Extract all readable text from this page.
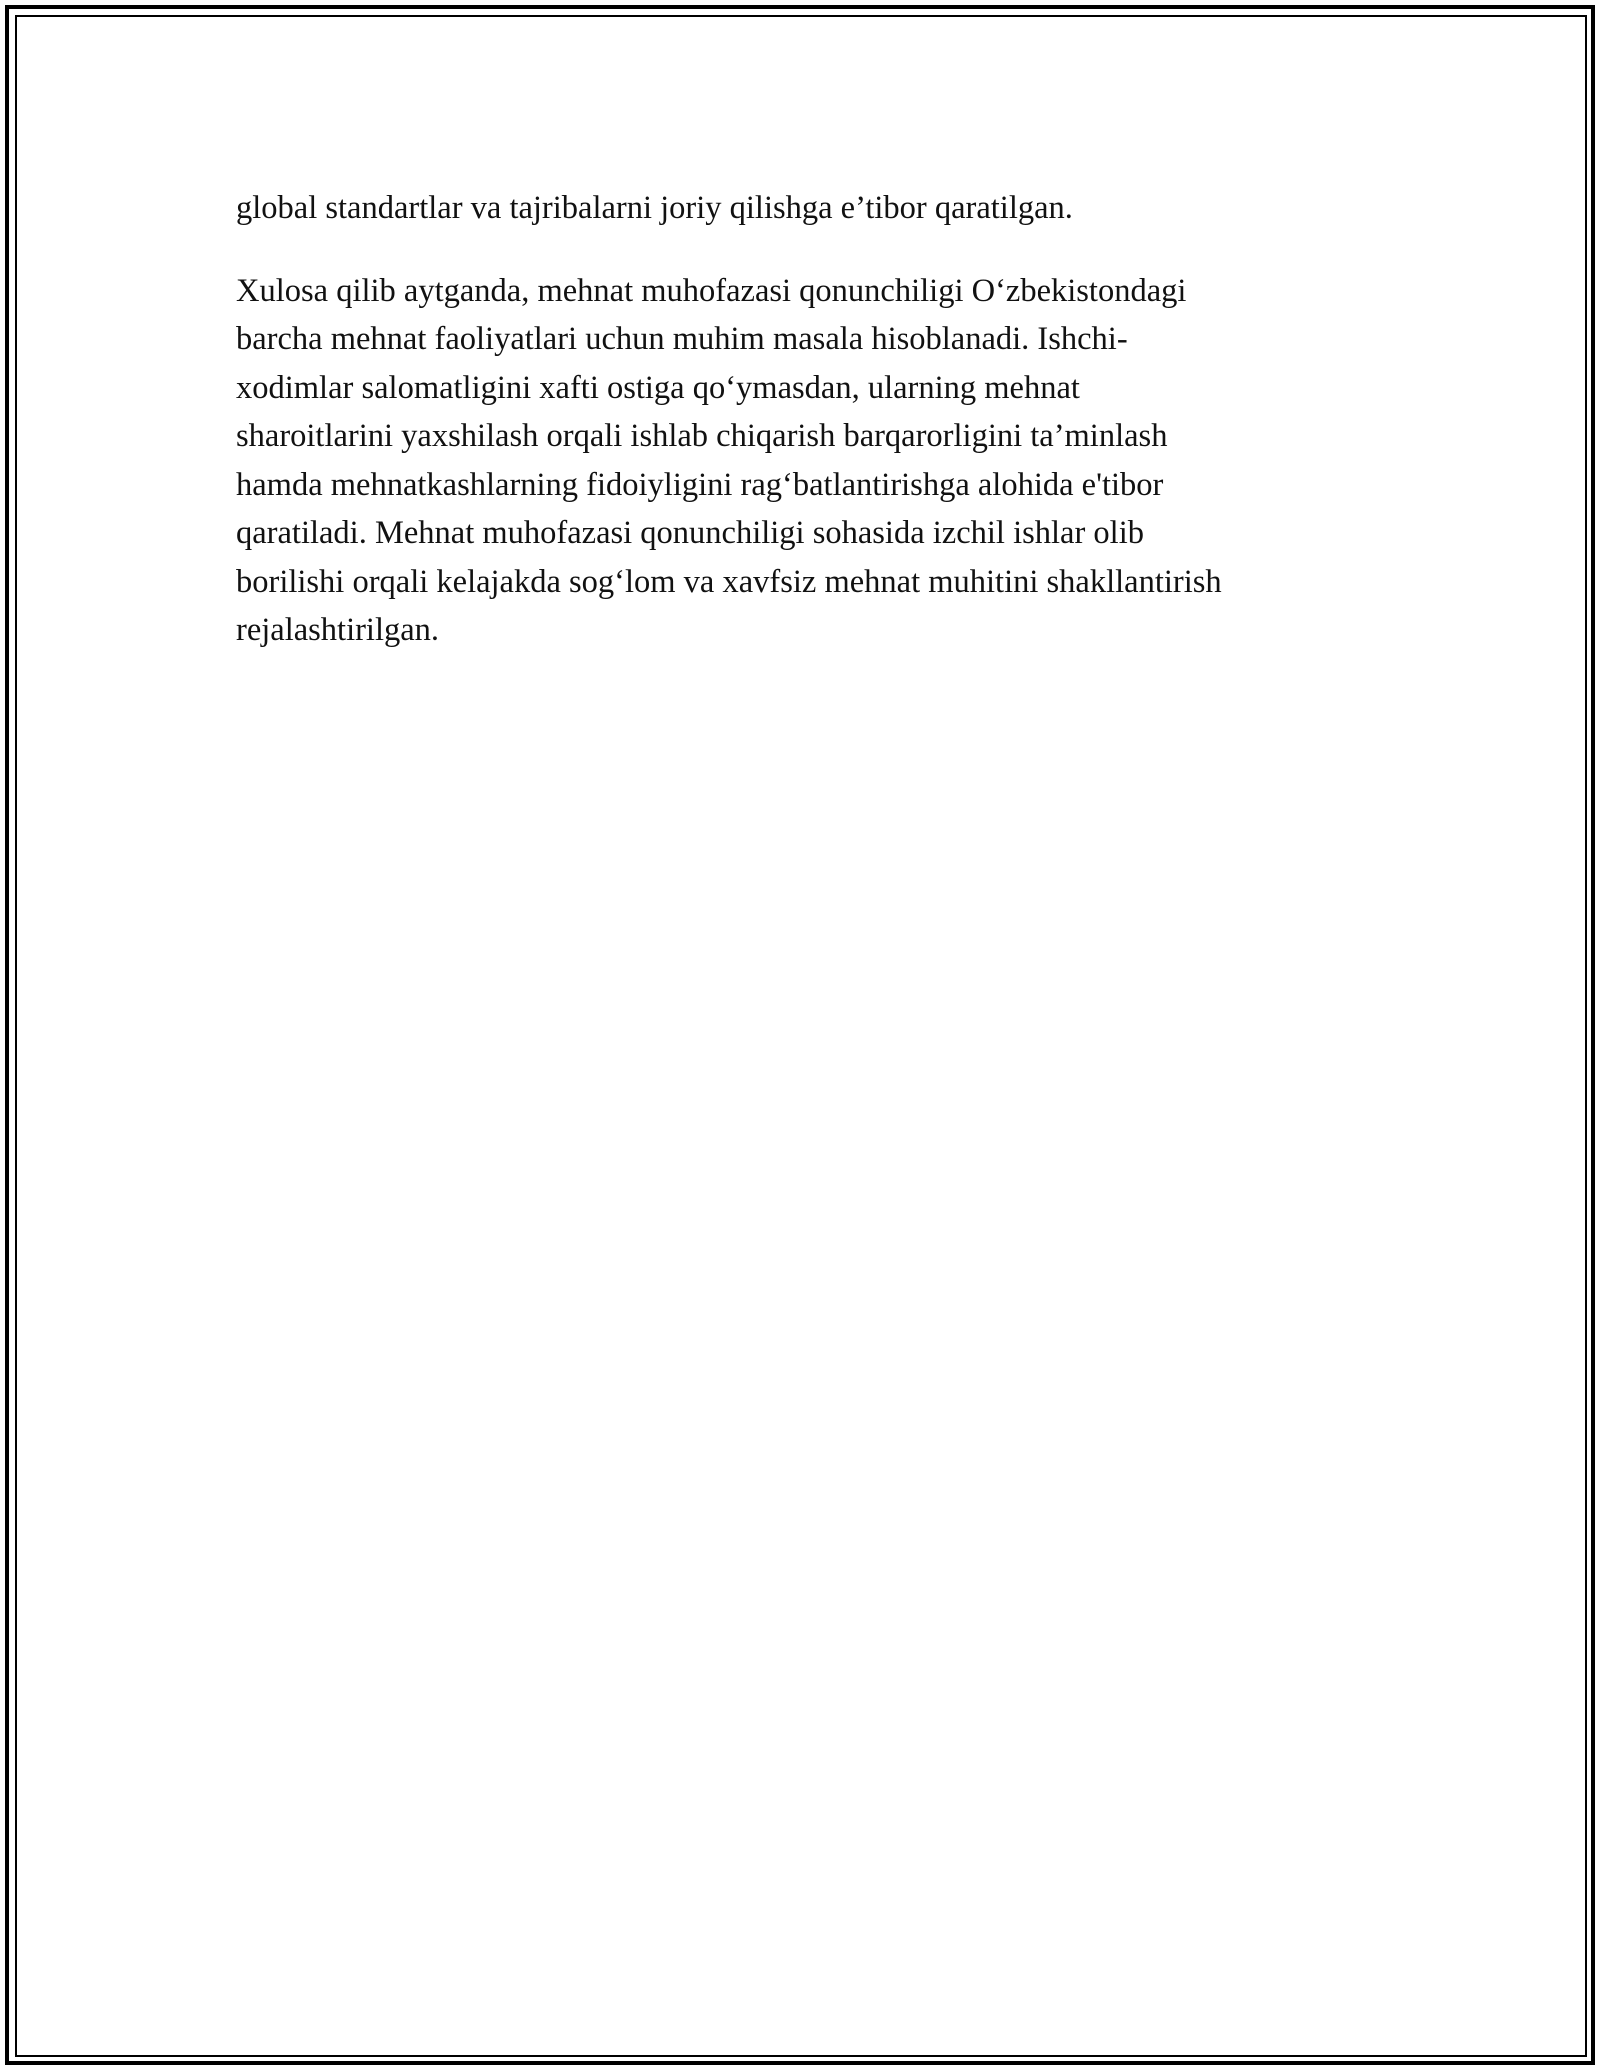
global standartlar va tajribalarni joriy qilishga e’tibor qaratilgan.

Xulosa qilib aytganda, mehnat muhofazasi qonunchiligi O‘zbekistondagi
barcha mehnat faoliyatlari uchun muhim masala hisoblanadi. Ishchi-
xodimlar salomatligini xafti ostiga qo‘ymasdan, ularning mehnat
sharoitlarini yaxshilash orqali ishlab chiqarish barqarorligini ta’minlash
hamda mehnatkashlarning fidoiyligini rag‘batlantirishga alohida e'tibor
qaratiladi. Mehnat muhofazasi qonunchiligi sohasida izchil ishlar olib
borilishi orqali kelajakda sog‘lom va xavfsiz mehnat muhitini shakllantirish
rejalashtirilgan.
